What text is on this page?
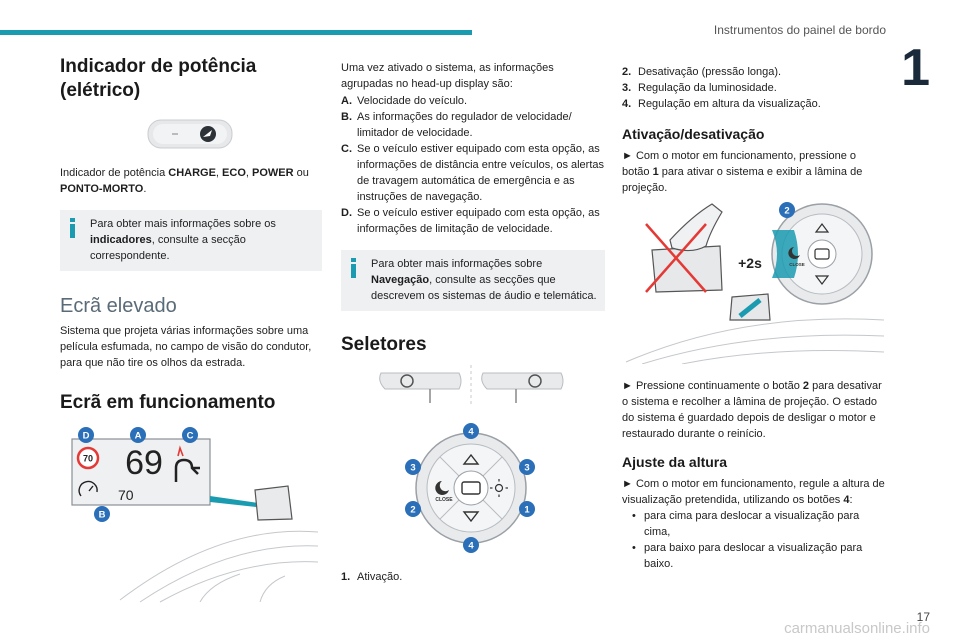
Instrumentos do painel de bordo
1
Indicador de potência (elétrico)

Indicador de potência CHARGE, ECO, POWER ou PONTO-MORTO.

Para obter mais informações sobre os indicadores, consulte a secção correspondente.
Ecrã elevado

Sistema que projeta várias informações sobre uma película esfumada, no campo de visão do condutor, para que não tire os olhos da estrada.

Ecrã em funcionamento
70 69
70
D	A	C
B

Uma vez ativado o sistema, as informações agrupadas no head-up display são:

A. Velocidade do veículo.
B. As informações do regulador de velocidade/ limitador de velocidade.
C. Se o veículo estiver equipado com esta opção, as informações de distância entre veículos, os alertas de travagem automática de emergência e as instruções de navegação.
D. Se o veículo estiver equipado com esta opção, as informações de limitação de velocidade.
Para obter mais informações sobre Navegação, consulte as secções que descrevem os sistemas de áudio e telemática.
Seletores
CLOSE
4
3	3
2	1
4
1. Ativação.
2. Desativação (pressão longa).
3. Regulação da luminosidade.
4. Regulação em altura da visualização.
Ativação/desativação

► Com o motor em funcionamento, pressione o botão 1 para ativar o sistema e exibir a lâmina de projeção.

+2s	CLOSE
2

► Pressione continuamente o botão 2 para desativar o sistema e recolher a lâmina de projeção. O estado do sistema é guardado depois de desligar o motor e restaurado durante o reinício.

Ajuste da altura

► Com o motor em funcionamento, regule a altura de visualização pretendida, utilizando os botões 4:

• para cima para deslocar a visualização para cima,
• para baixo para deslocar a visualização para baixo.
17
carmanualsonline.info
